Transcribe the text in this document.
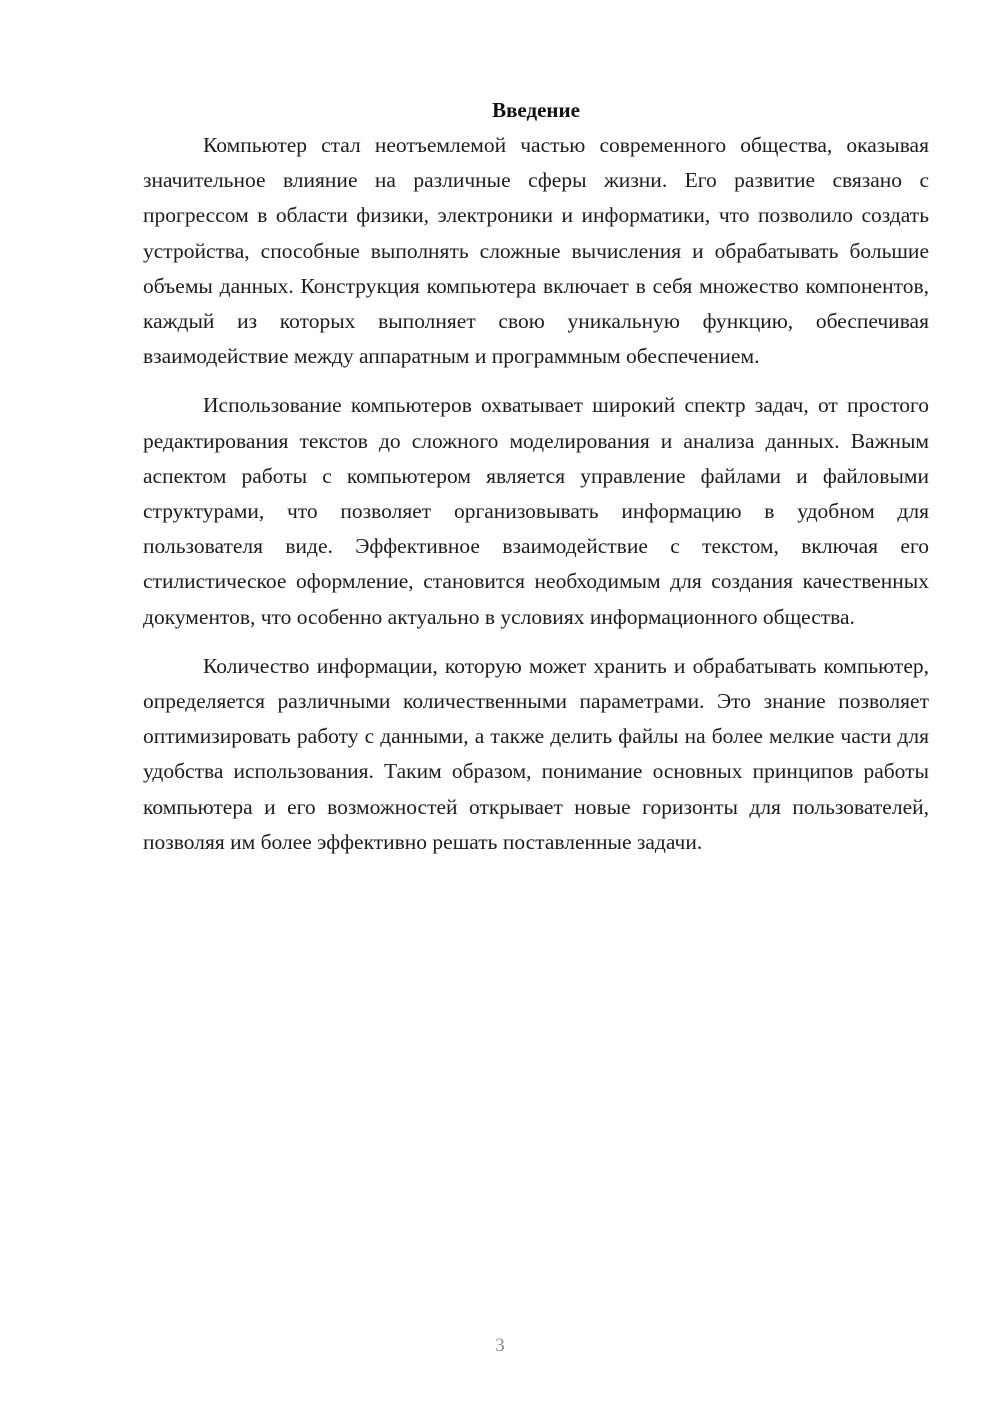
Введение

Компьютер стал неотъемлемой частью современного общества, оказывая значительное влияние на различные сферы жизни. Его развитие связано с прогрессом в области физики, электроники и информатики, что позволило создать устройства, способные выполнять сложные вычисления и обрабатывать большие объемы данных. Конструкция компьютера включает в себя множество компонентов, каждый из которых выполняет свою уникальную функцию, обеспечивая взаимодействие между аппаратным и программным обеспечением.

Использование компьютеров охватывает широкий спектр задач, от простого редактирования текстов до сложного моделирования и анализа данных. Важным аспектом работы с компьютером является управление файлами и файловыми структурами, что позволяет организовывать информацию в удобном для пользователя виде. Эффективное взаимодействие с текстом, включая его стилистическое оформление, становится необходимым для создания качественных документов, что особенно актуально в условиях информационного общества.

Количество информации, которую может хранить и обрабатывать компьютер, определяется различными количественными параметрами. Это знание позволяет оптимизировать работу с данными, а также делить файлы на более мелкие части для удобства использования. Таким образом, понимание основных принципов работы компьютера и его возможностей открывает новые горизонты для пользователей, позволяя им более эффективно решать поставленные задачи.

3
